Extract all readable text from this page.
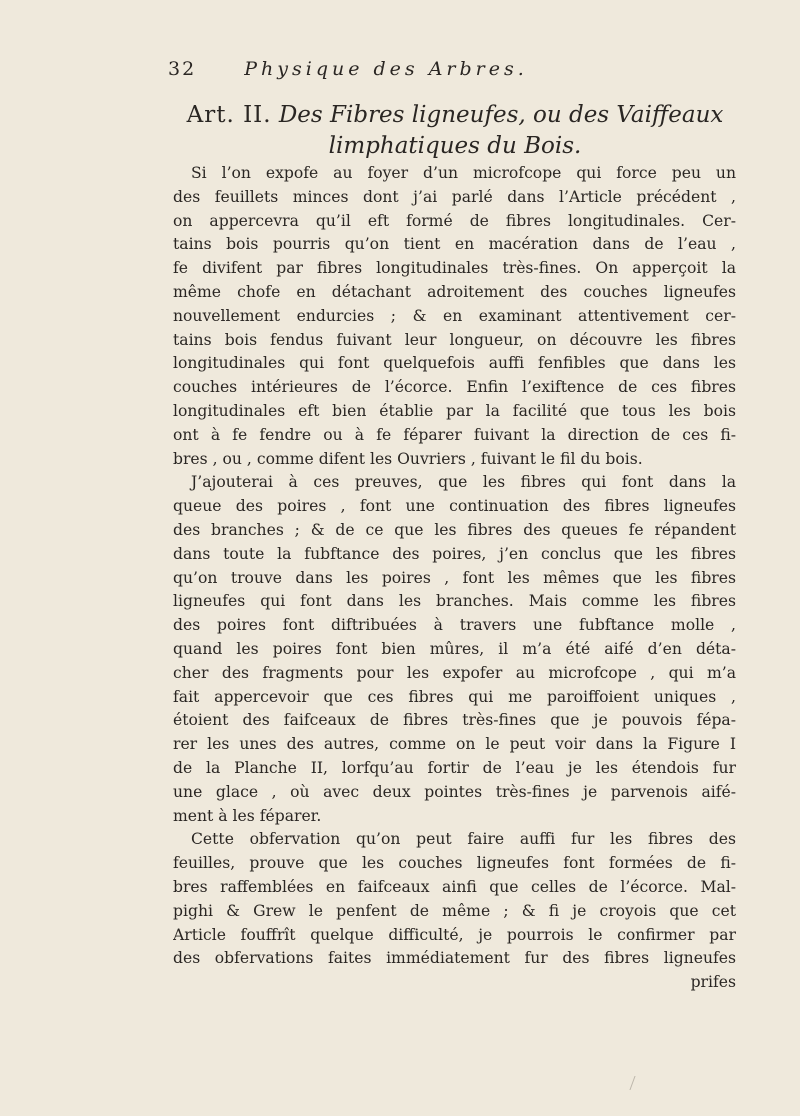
32	Physique des Arbres.
Art. II. Des Fibres ligneufes, ou des Vaiffeaux
limphatiques du Bois.
Si l’on expofe au foyer d’un microfcope qui force peu un
des feuillets minces dont j’ai parlé dans l’Article précédent ,
on appercevra qu’il eft formé de fibres longitudinales. Cer-
tains bois pourris qu’on tient en macération dans de l’eau ,
fe divifent par fibres longitudinales très-fines. On apperçoit la
même chofe en détachant adroitement des couches ligneufes
nouvellement endurcies ; & en examinant attentivement cer-
tains bois fendus fuivant leur longueur, on découvre les fibres
longitudinales qui font quelquefois auffi fenfibles que dans les
couches intérieures de l’écorce. Enfin l’exiftence de ces fibres
longitudinales eft bien établie par la facilité que tous les bois
ont à fe fendre ou à fe féparer fuivant la direction de ces fi-
bres , ou , comme difent les Ouvriers , fuivant le fil du bois.
J’ajouterai à ces preuves, que les fibres qui font dans la
queue des poires , font une continuation des fibres ligneufes
des branches ; & de ce que les fibres des queues fe répandent
dans toute la fubftance des poires, j’en conclus que les fibres
qu’on trouve dans les poires , font les mêmes que les fibres
ligneufes qui font dans les branches. Mais comme les fibres
des poires font diftribuées à travers une fubftance molle ,
quand les poires font bien mûres, il m’a été aifé d’en déta-
cher des fragments pour les expofer au microfcope , qui m’a
fait appercevoir que ces fibres qui me paroiffoient uniques ,
étoient des faifceaux de fibres très-fines que je pouvois fépa-
rer les unes des autres, comme on le peut voir dans la Figure I
de la Planche II, lorfqu’au fortir de l’eau je les étendois fur
une glace , où avec deux pointes très-fines je parvenois aifé-
ment à les féparer.
Cette obfervation qu’on peut faire auffi fur les fibres des
feuilles, prouve que les couches ligneufes font formées de fi-
bres raffemblées en faifceaux ainfi que celles de l’écorce. Mal-
pighi & Grew le penfent de même ; & fi je croyois que cet
Article fouffrît quelque difficulté, je pourrois le confirmer par
des obfervations faites immédiatement fur des fibres ligneufes
prifes
